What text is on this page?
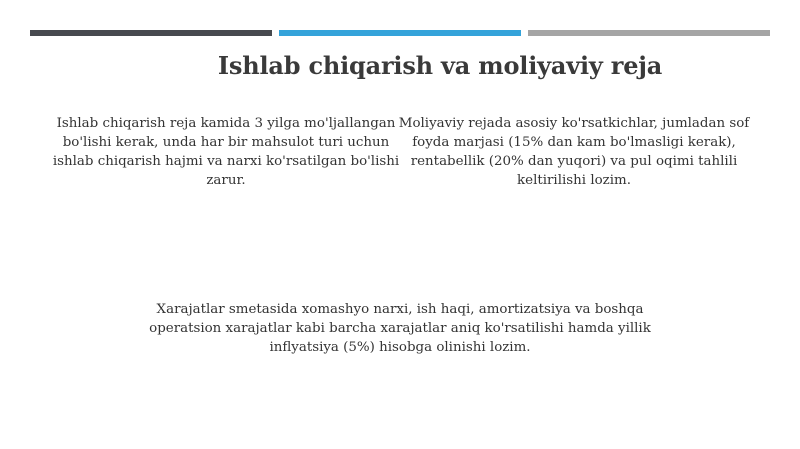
Ishlab chiqarish va moliyaviy reja
Ishlab chiqarish reja kamida 3 yilga mo'ljallangan bo'lishi kerak, unda har bir mahsulot turi uchun ishlab chiqarish hajmi va narxi ko'rsatilgan bo'lishi zarur.
Moliyaviy rejada asosiy ko'rsatkichlar, jumladan sof foyda marjasi (15% dan kam bo'lmasligi kerak), rentabellik (20% dan yuqori) va pul oqimi tahlili keltirilishi lozim.
Xarajatlar smetasida xomashyo narxi, ish haqi, amortizatsiya va boshqa operatsion xarajatlar kabi barcha xarajatlar aniq ko'rsatilishi hamda yillik inflyatsiya (5%) hisobga olinishi lozim.
